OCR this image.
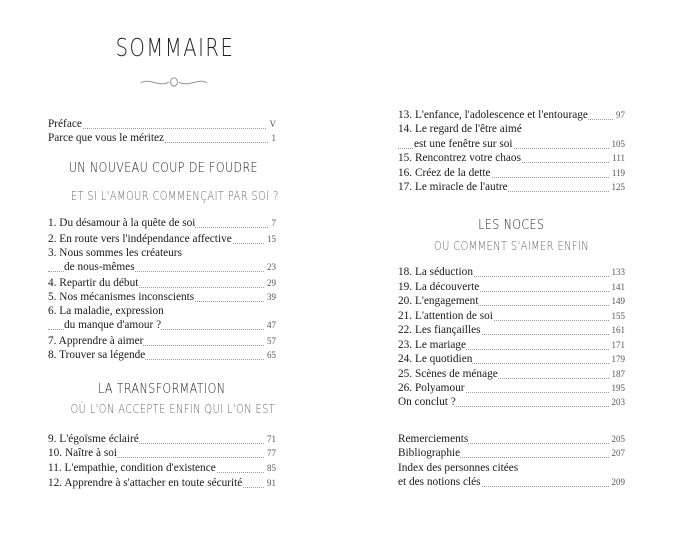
SOMMAIRE
Préface	V
Parce que vous le méritez	1
UN NOUVEAU COUP DE FOUDRE
ET SI L'AMOUR COMMENÇAIT PAR SOI ?
1. Du désamour à la quête de soi	7
2. En route vers l'indépendance affective	15
3. Nous sommes les créateurs
de nous-mêmes	23
4. Repartir du début	29
5. Nos mécanismes inconscients	39
6. La maladie, expression
du manque d'amour ?	47
7. Apprendre à aimer	57
8. Trouver sa légende	65
LA TRANSFORMATION
OÙ L'ON ACCEPTE ENFIN QUI L'ON EST
9. L'égoïsme éclairé	71
10. Naître à soi	77
11. L'empathie, condition d'existence	85
12. Apprendre à s'attacher en toute sécurité	91
13. L'enfance, l'adolescence et l'entourage	97
14. Le regard de l'être aimé
est une fenêtre sur soi	105
15. Rencontrez votre chaos	111
16. Créez de la dette	119
17. Le miracle de l'autre	125
LES NOCES
OU COMMENT S'AIMER ENFIN
18. La séduction	133
19. La découverte	141
20. L'engagement	149
21. L'attention de soi	155
22. Les fiançailles	161
23. Le mariage	171
24. Le quotidien	179
25. Scènes de ménage	187
26. Polyamour	195
On conclut ?	203
Remerciements	205
Bibliographie	207
Index des personnes citées
et des notions clés	209
